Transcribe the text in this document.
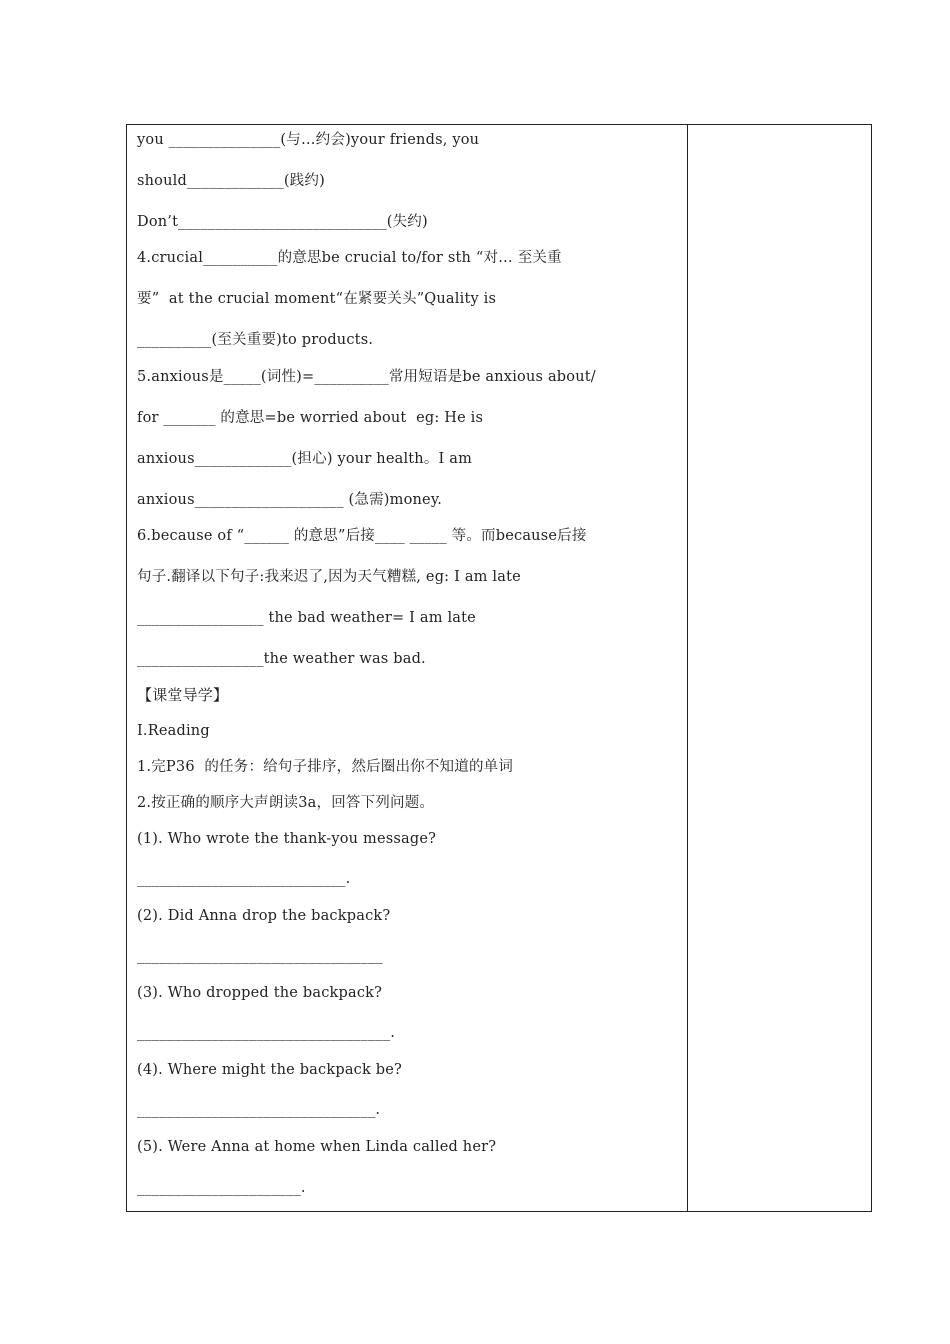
you _______________(与…约会)your friends, you
should_____________(践约)
Don’t____________________________(失约)
4.crucial__________的意思be crucial to/for sth “对… 至关重
要”  at the crucial moment“在紧要关头”Quality is
__________(至关重要)to products.
5.anxious是_____(词性)=__________常用短语是be anxious about/
for _______ 的意思=be worried about  eg: He is
anxious_____________(担心) your health。I am
anxious____________________ (急需)money.
6.because of “______ 的意思”后接____ _____ 等。而because后接
句子.翻译以下句子:我来迟了,因为天气糟糕, eg: I am late
_________________ the bad weather= I am late
_________________the weather was bad.
【课堂导学】
I.Reading
1.完P36  的任务：给句子排序，然后圈出你不知道的单词
2.按正确的顺序大声朗读3a，回答下列问题。
(1). Who wrote the thank-you message?
____________________________.
(2). Did Anna drop the backpack?
_________________________________
(3). Who dropped the backpack?
__________________________________.
(4). Where might the backpack be?
________________________________.
(5). Were Anna at home when Linda called her?
______________________.
